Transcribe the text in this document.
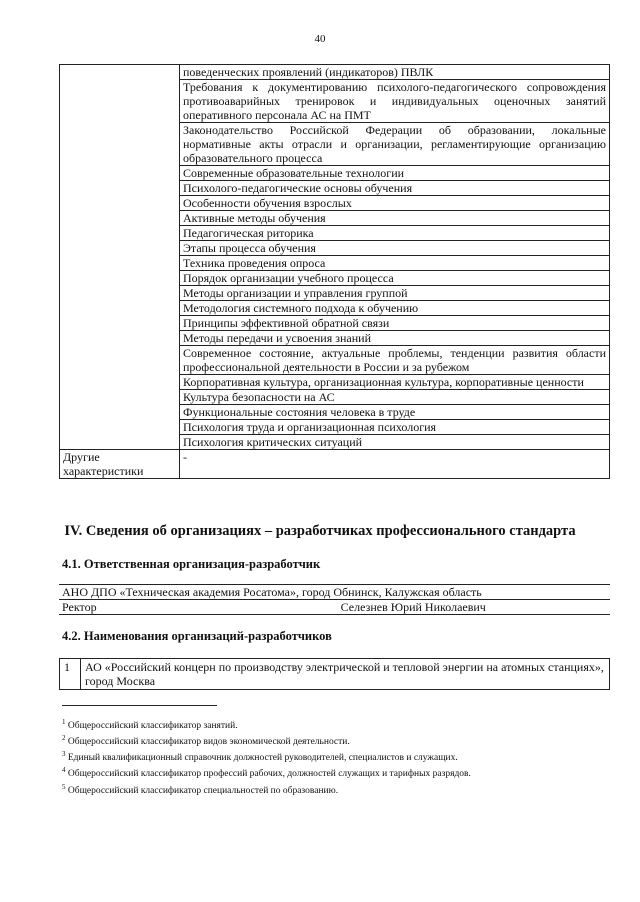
40
	поведенческих проявлений (индикаторов) ПВЛК
	Требования к документированию психолого-педагогического сопровождения противоаварийных тренировок и индивидуальных оценочных занятий оперативного персонала АС на ПМТ
	Законодательство Российской Федерации об образовании, локальные нормативные акты отрасли и организации, регламентирующие организацию образовательного процесса
	Современные образовательные технологии
	Психолого-педагогические основы обучения
	Особенности обучения взрослых
	Активные методы обучения
	Педагогическая риторика
	Этапы процесса обучения
	Техника проведения опроса
	Порядок организации учебного процесса
	Методы организации и управления группой
	Методология системного подхода к обучению
	Принципы эффективной обратной связи
	Методы передачи и усвоения знаний
	Современное состояние, актуальные проблемы, тенденции развития области профессиональной деятельности в России и за рубежом
	Корпоративная культура, организационная культура, корпоративные ценности
	Культура безопасности на АС
	Функциональные состояния человека в труде
	Психология труда и организационная психология
	Психология критических ситуаций
Другие характеристики	-
IV. Сведения об организациях – разработчиках профессионального стандарта
4.1. Ответственная организация-разработчик
АНО ДПО «Техническая академия Росатома», город Обнинск, Калужская область
Ректор	Селезнев Юрий Николаевич
4.2. Наименования организаций-разработчиков
1	АО «Российский концерн по производству электрической и тепловой энергии на атомных станциях», город Москва
$^1$ Общероссийский классификатор занятий.
$^2$ Общероссийский классификатор видов экономической деятельности.
$^3$ Единый квалификационный справочник должностей руководителей, специалистов и служащих.
$^4$ Общероссийский классификатор профессий рабочих, должностей служащих и тарифных разрядов.
$^5$ Общероссийский классификатор специальностей по образованию.
